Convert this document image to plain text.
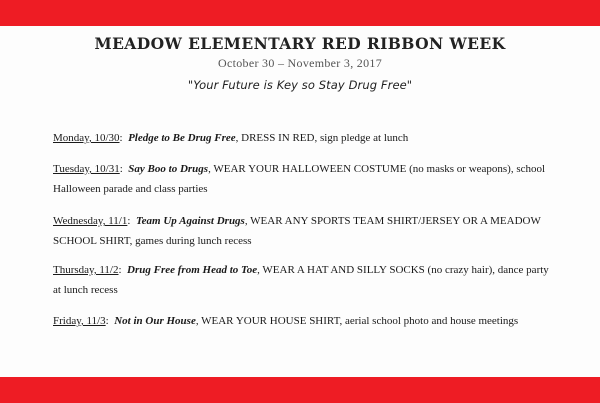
MEADOW ELEMENTARY RED RIBBON WEEK
October 30 – November 3, 2017
"Your Future is Key so Stay Drug Free"
Monday, 10/30: Pledge to Be Drug Free, DRESS IN RED, sign pledge at lunch
Tuesday, 10/31: Say Boo to Drugs, WEAR YOUR HALLOWEEN COSTUME (no masks or weapons), school Halloween parade and class parties
Wednesday, 11/1: Team Up Against Drugs, WEAR ANY SPORTS TEAM SHIRT/JERSEY OR A MEADOW SCHOOL SHIRT, games during lunch recess
Thursday, 11/2: Drug Free from Head to Toe, WEAR A HAT AND SILLY SOCKS (no crazy hair), dance party at lunch recess
Friday, 11/3: Not in Our House, WEAR YOUR HOUSE SHIRT, aerial school photo and house meetings
